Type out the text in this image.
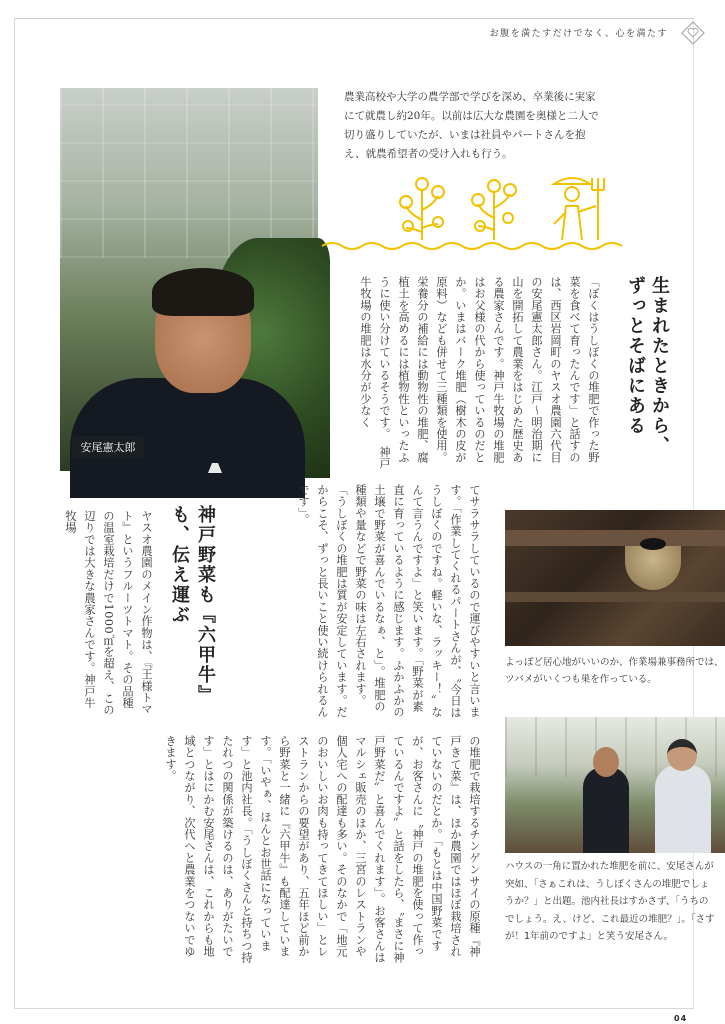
お腹を満たすだけでなく、心を満たす
安尾憲太郎
農業高校や大学の農学部で学びを深め、卒業後に実家にて就農し約20年。以前は広大な農園を奥様と二人で切り盛りしていたが、いまは社員やパートさんを抱え、就農希望者の受け入れも行う。
生まれたときから、ずっとそばにある
「ぼくはうしぼくの堆肥で作った野菜を食べて育ったんです」と話すのは、西区岩岡町のヤスオ農園六代目の安尾憲太郎さん。江戸～明治期に山を開拓して農業をはじめた歴史ある農家さんです。神戸牛牧場の堆肥はお父様の代から使っているのだとか。いまはバーク堆肥（樹木の皮が原料）なども併せて三種類を使用。栄養分の補給には動物性の堆肥、腐植土を高めるには植物性といったふうに使い分けているそうです。　神戸牛牧場の堆肥は水分が少なく
てサラサラしているので運びやすいと言います。「作業してくれるパートさんが、〝今日はうしぼくのですね。軽いな、ラッキー！〟なんて言うんですよ」と笑います。「野菜が素直に育っているように感じます。ふかふかの土壌で野菜が喜んでいるなぁ、と」。堆肥の種類や量などで野菜の味は左右されます。「うしぼくの堆肥は質が安定しています。だからこそ、ずっと長いこと使い続けられるんです」。
神戸野菜も『六甲牛』も、伝え運ぶ
ヤスオ農園のメイン作物は、『王様トマト』というフルーツトマト。その品種の温室栽培だけで1000㎡を超え、この辺りでは大きな農家さんです。神戸牛牧場
の堆肥で栽培するチンゲンサイの原種『神戸きて菜』は、ほか農園ではほぼ栽培されていないのだとか。「もとは中国野菜ですが、お客さんに〝神戸の堆肥を使って作っているんですよ〟と話をしたら、〝まさに神戸野菜だ〟と喜んでくれます」。お客さんはマルシェ販売のほか、三宮のレストランや個人宅への配達も多い。そのなかで「地元のおいしいお肉も持ってきてほしい」とレストランからの要望があり、五年ほど前から野菜と一緒に『六甲牛』も配達しています。「いやぁ、ほんとお世話になっています」と池内社長。「うしぼくさんと持ちつ持たれつの関係が築けるのは、ありがたいです」とはにかむ安尾さんは、これからも地域とつながり、次代へと農業をつないでゆきます。
よっぽど居心地がいいのか、作業場兼事務所では、ツバメがいくつも巣を作っている。
ハウスの一角に置かれた堆肥を前に、安尾さんが突如、「さぁこれは、うしぼくさんの堆肥でしょうか？」と出題。池内社長はすかさず、「うちのでしょう。え、けど、これ最近の堆肥？」。「さすが！1年前のですよ」と笑う安尾さん。
04
